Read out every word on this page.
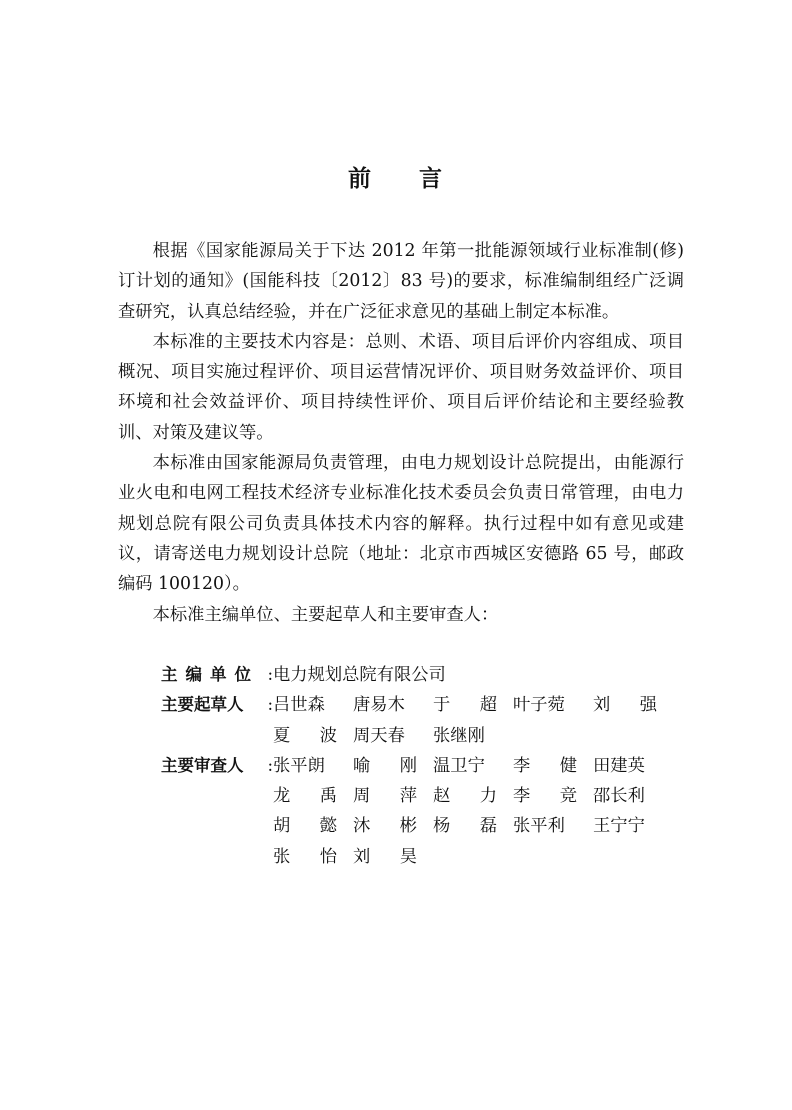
前 言

根据《国家能源局关于下达 2012 年第一批能源领域行业标准制(修)订计划的通知》(国能科技〔2012〕83 号)的要求，标准编制组经广泛调查研究，认真总结经验，并在广泛征求意见的基础上制定本标准。

本标准的主要技术内容是：总则、术语、项目后评价内容组成、项目概况、项目实施过程评价、项目运营情况评价、项目财务效益评价、项目环境和社会效益评价、项目持续性评价、项目后评价结论和主要经验教训、对策及建议等。

本标准由国家能源局负责管理，由电力规划设计总院提出，由能源行业火电和电网工程技术经济专业标准化技术委员会负责日常管理，由电力规划总院有限公司负责具体技术内容的解释。执行过程中如有意见或建议，请寄送电力规划设计总院（地址：北京市西城区安德路 65 号，邮政编码 100120）。

本标准主编单位、主要起草人和主要审查人：

主编单位 : 电力规划总院有限公司
主要起草人 : 吕世森	唐易木	于 超 叶子菀	刘 强
夏 波 周天春	张继刚
主要审查人 : 张平朗	喻 刚 温卫宁	李 健 田建英
龙 禹 周 萍 赵 力 李 竞 邵长利
胡 懿 沐 彬 杨 磊 张平利	王宁宁
张 怡 刘 昊
